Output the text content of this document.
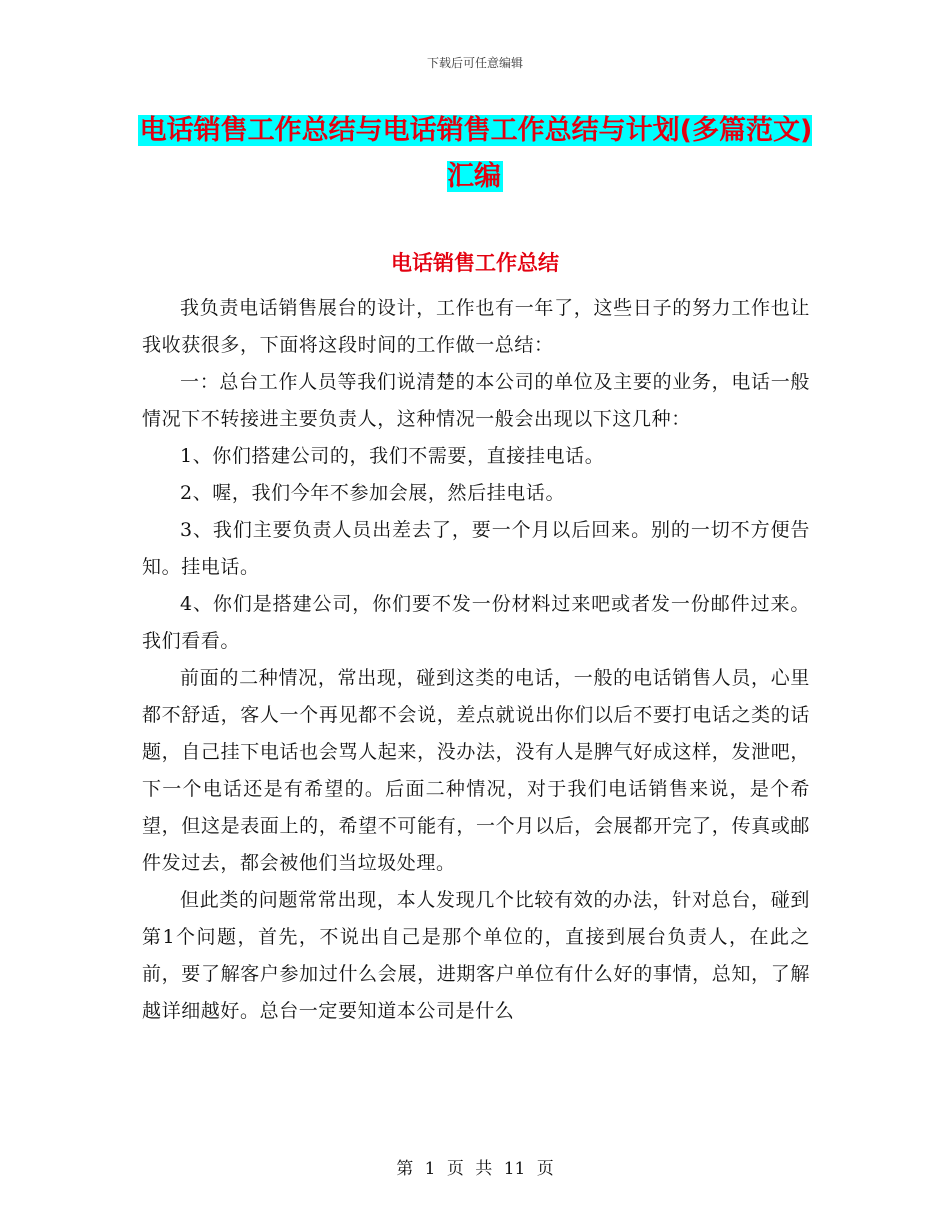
下载后可任意编辑
电话销售工作总结与电话销售工作总结与计划(多篇范文)汇编
电话销售工作总结

我负责电话销售展台的设计，工作也有一年了，这些日子的努力工作也让我收获很多，下面将这段时间的工作做一总结：

一：总台工作人员等我们说清楚的本公司的单位及主要的业务，电话一般情况下不转接进主要负责人，这种情况一般会出现以下这几种：

1、你们搭建公司的，我们不需要，直接挂电话。

2、喔，我们今年不参加会展，然后挂电话。

3、我们主要负责人员出差去了，要一个月以后回来。别的一切不方便告知。挂电话。

4、你们是搭建公司，你们要不发一份材料过来吧或者发一份邮件过来。我们看看。

前面的二种情况，常出现，碰到这类的电话，一般的电话销售人员，心里都不舒适，客人一个再见都不会说，差点就说出你们以后不要打电话之类的话题，自己挂下电话也会骂人起来，没办法，没有人是脾气好成这样，发泄吧，下一个电话还是有希望的。后面二种情况，对于我们电话销售来说，是个希望，但这是表面上的，希望不可能有，一个月以后，会展都开完了，传真或邮件发过去，都会被他们当垃圾处理。

但此类的问题常常出现，本人发现几个比较有效的办法，针对总台，碰到第1个问题，首先，不说出自己是那个单位的，直接到展台负责人，在此之前，要了解客户参加过什么会展，进期客户单位有什么好的事情，总知，了解越详细越好。总台一定要知道本公司是什么

第 1 页 共 11 页
